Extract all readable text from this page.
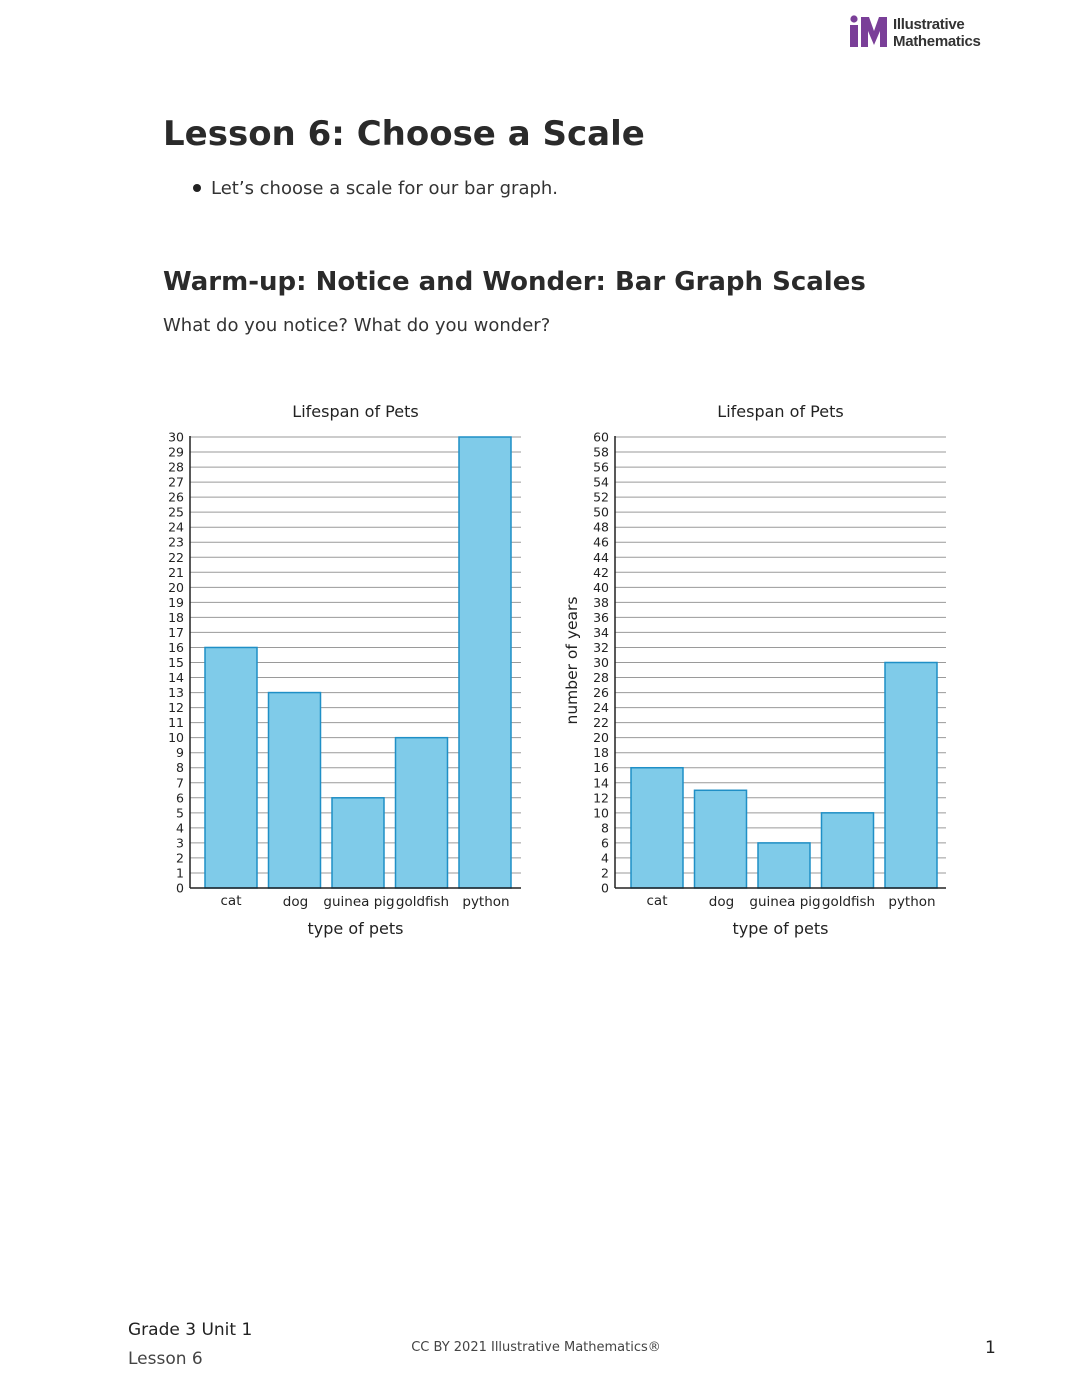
Illustrative
Mathematics
Lesson 6: Choose a Scale
Let’s choose a scale for our bar graph.
Warm-up: Notice and Wonder: Bar Graph Scales

What do you notice? What do you wonder?

Lifespan of Pets
0
1
2
3
4
5
6
7
8
9
10
11
12
13
14
15
16
17
18
19
20
21
22
23
24
25
26
27
28
29
30
cat	dog guinea pig goldfish python
type of pets
Lifespan of Pets
0
2
4
6
8
10
12
14
16
18
20
22
24
26
28
30
32
34
36
38
40
42
44
46
48
50
52
54
56
58
60
cat	dog guinea pig goldfish python
type of pets
number of years
Grade 3 Unit 1
Lesson 6
CC BY 2021 Illustrative Mathematics®	1
